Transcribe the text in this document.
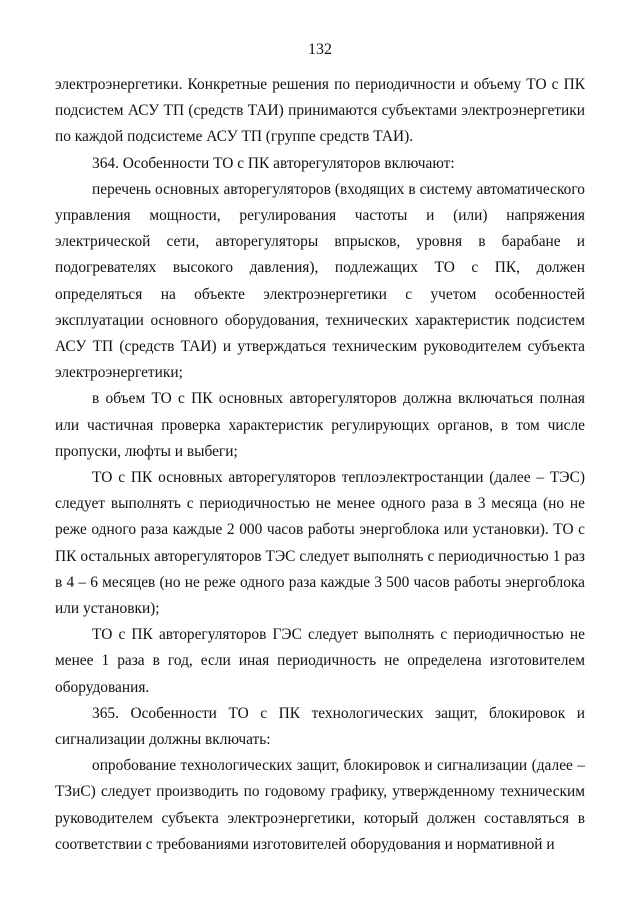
132

электроэнергетики. Конкретные решения по периодичности и объему ТО с ПК подсистем АСУ ТП (средств ТАИ) принимаются субъектами электроэнергетики по каждой подсистеме АСУ ТП (группе средств ТАИ).

364. Особенности ТО с ПК авторегуляторов включают:

перечень основных авторегуляторов (входящих в систему автоматического управления мощности, регулирования частоты и (или) напряжения электрической сети, авторегуляторы впрысков, уровня в барабане и подогревателях высокого давления), подлежащих ТО с ПК, должен определяться на объекте электроэнергетики с учетом особенностей эксплуатации основного оборудования, технических характеристик подсистем АСУ ТП (средств ТАИ) и утверждаться техническим руководителем субъекта электроэнергетики;

в объем ТО с ПК основных авторегуляторов должна включаться полная или частичная проверка характеристик регулирующих органов, в том числе пропуски, люфты и выбеги;

ТО с ПК основных авторегуляторов теплоэлектростанции (далее – ТЭС) следует выполнять с периодичностью не менее одного раза в 3 месяца (но не реже одного раза каждые 2 000 часов работы энергоблока или установки). ТО с ПК остальных авторегуляторов ТЭС следует выполнять с периодичностью 1 раз в 4 – 6 месяцев (но не реже одного раза каждые 3 500 часов работы энергоблока или установки);

ТО с ПК авторегуляторов ГЭС следует выполнять с периодичностью не менее 1 раза в год, если иная периодичность не определена изготовителем оборудования.

365. Особенности ТО с ПК технологических защит, блокировок и сигнализации должны включать:

опробование технологических защит, блокировок и сигнализации (далее – ТЗиС) следует производить по годовому графику, утвержденному техническим руководителем субъекта электроэнергетики, который должен составляться в соответствии с требованиями изготовителей оборудования и нормативной и
